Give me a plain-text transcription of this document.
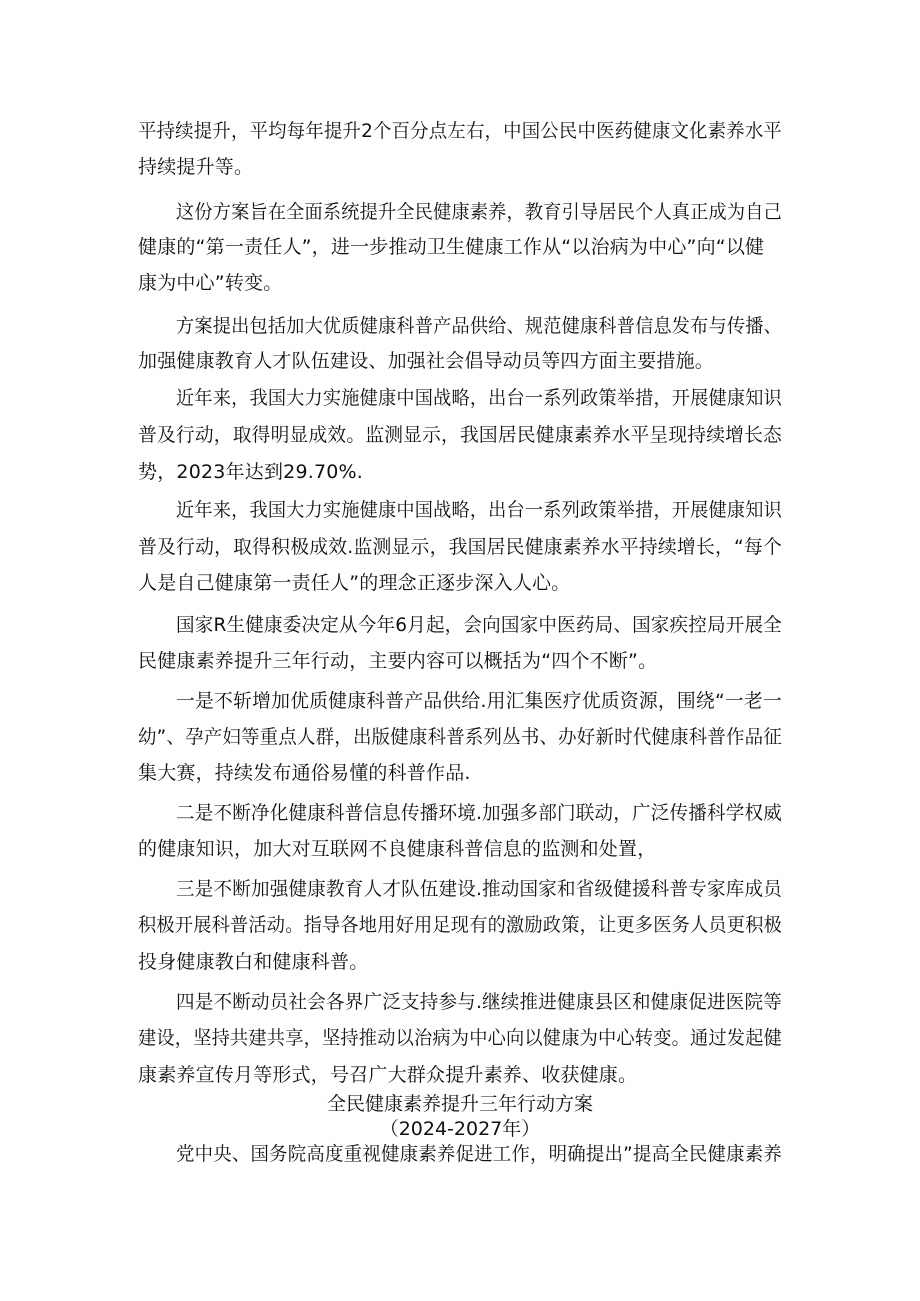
平持续提升，平均每年提升2个百分点左右，中国公民中医药健康文化素养水平
持续提升等。
这份方案旨在全面系统提升全民健康素养，教育引导居民个人真正成为自己
健康的“第一责任人”，进一步推动卫生健康工作从“以治病为中心”向“以健
康为中心”转变。
方案提出包括加大优质健康科普产品供给、规范健康科普信息发布与传播、
加强健康教育人才队伍建设、加强社会倡导动员等四方面主要措施。
近年来，我国大力实施健康中国战略，出台一系列政策举措，开展健康知识
普及行动，取得明显成效。监测显示，我国居民健康素养水平呈现持续增长态
势，2023年达到29.70%.
近年来，我国大力实施健康中国战略，出台一系列政策举措，开展健康知识
普及行动，取得积极成效.监测显示，我国居民健康素养水平持续增长，“每个
人是自己健康第一责任人”的理念正逐步深入人心。
国家R生健康委决定从今年6月起，会向国家中医药局、国家疾控局开展全
民健康素养提升三年行动，主要内容可以概括为“四个不断”。
一是不斩增加优质健康科普产品供给.用汇集医疗优质资源，围绕“一老一
幼”、孕产妇等重点人群，出版健康科普系列丛书、办好新时代健康科普作品征
集大赛，持续发布通俗易懂的科普作品.
二是不断净化健康科普信息传播环境.加强多部门联动，广泛传播科学权威
的健康知识，加大对互联网不良健康科普信息的监测和处置，
三是不断加强健康教育人才队伍建设.推动国家和省级健援科普专家库成员
积极开展科普活动。指导各地用好用足现有的激励政策，让更多医务人员更积极
投身健康教白和健康科普。
四是不断动员社会各界广泛支持参与.继续推进健康县区和健康促进医院等
建设，坚持共建共享，坚持推动以治病为中心向以健康为中心转变。通过发起健
康素养宣传月等形式，号召广大群众提升素养、收获健康。
全民健康素养提升三年行动方案
（2024-2027年）
党中央、国务院高度重视健康素养促进工作，明确提出”提高全民健康素养
